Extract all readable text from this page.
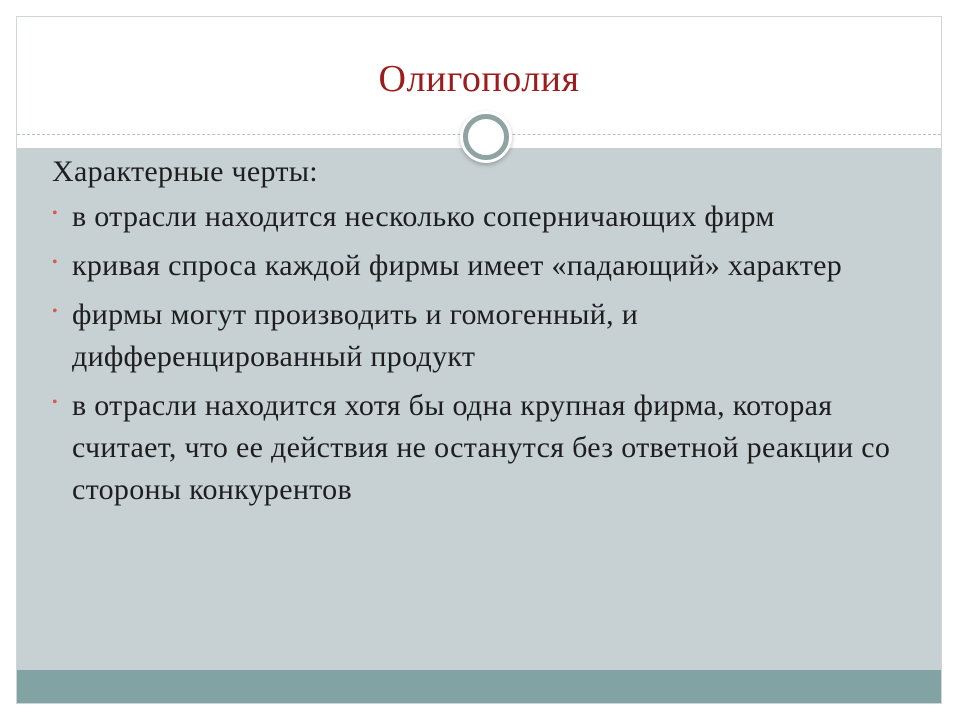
Олигополия
Характерные черты:
• в отрасли находится несколько соперничающих фирм
• кривая спроса каждой фирмы имеет «падающий» характер
• фирмы могут производить и гомогенный, и дифференцированный продукт
• в отрасли находится хотя бы одна крупная фирма, которая считает, что ее действия не останутся без ответной реакции со стороны конкурентов
